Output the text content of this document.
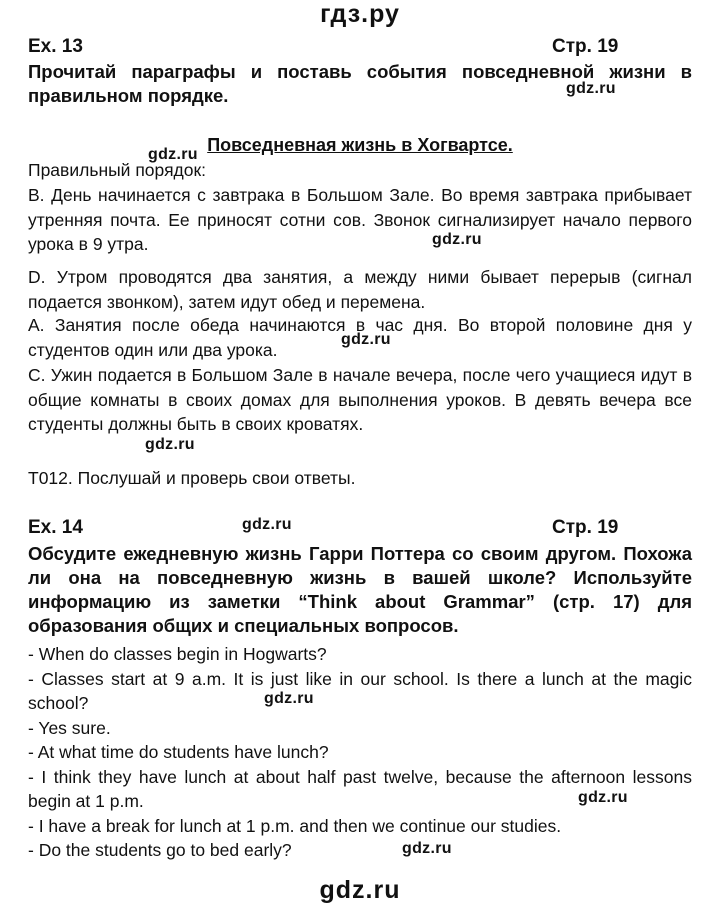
гдз.ру
Ex. 13	Стр. 19
Прочитай параграфы и поставь события повседневной жизни в правильном порядке.	gdz.ru
gdz.ru Повседневная жизнь в Хогвартсе.
Правильный порядок:
B. День начинается с завтрака в Большом Зале. Во время завтрака прибывает утренняя почта. Ее приносят сотни сов. Звонок сигнализирует начало первого урока в 9 утра.	gdz.ru
D. Утром проводятся два занятия, а между ними бывает перерыв (сигнал подается звонком), затем идут обед и перемена.
A. Занятия после обеда начинаются в час дня. Во второй половине дня у студентов один или два урока.	gdz.ru
C. Ужин подается в Большом Зале в начале вечера, после чего учащиеся идут в общие комнаты в своих домах для выполнения уроков. В девять вечера все студенты должны быть в своих кроватях.
gdz.ru
T012. Послушай и проверь свои ответы.
Ex. 14	gdz.ru	Стр. 19
Обсудите ежедневную жизнь Гарри Поттера со своим другом. Похожа ли она на повседневную жизнь в вашей школе? Используйте информацию из заметки “Think about Grammar” (стр. 17) для образования общих и специальных вопросов.

- When do classes begin in Hogwarts?

- Classes start at 9 a.m. It is just like in our school. Is there a lunch at the magic school?

- Yes sure.

- At what time do students have lunch?

- I think they have lunch at about half past twelve, because the afternoon lessons begin at 1 p.m.

- I have a break for lunch at 1 p.m. and then we continue our studies.

- Do the students go to bed early?

gdz.ru
gdz.ru
gdz.ru
gdz.ru
